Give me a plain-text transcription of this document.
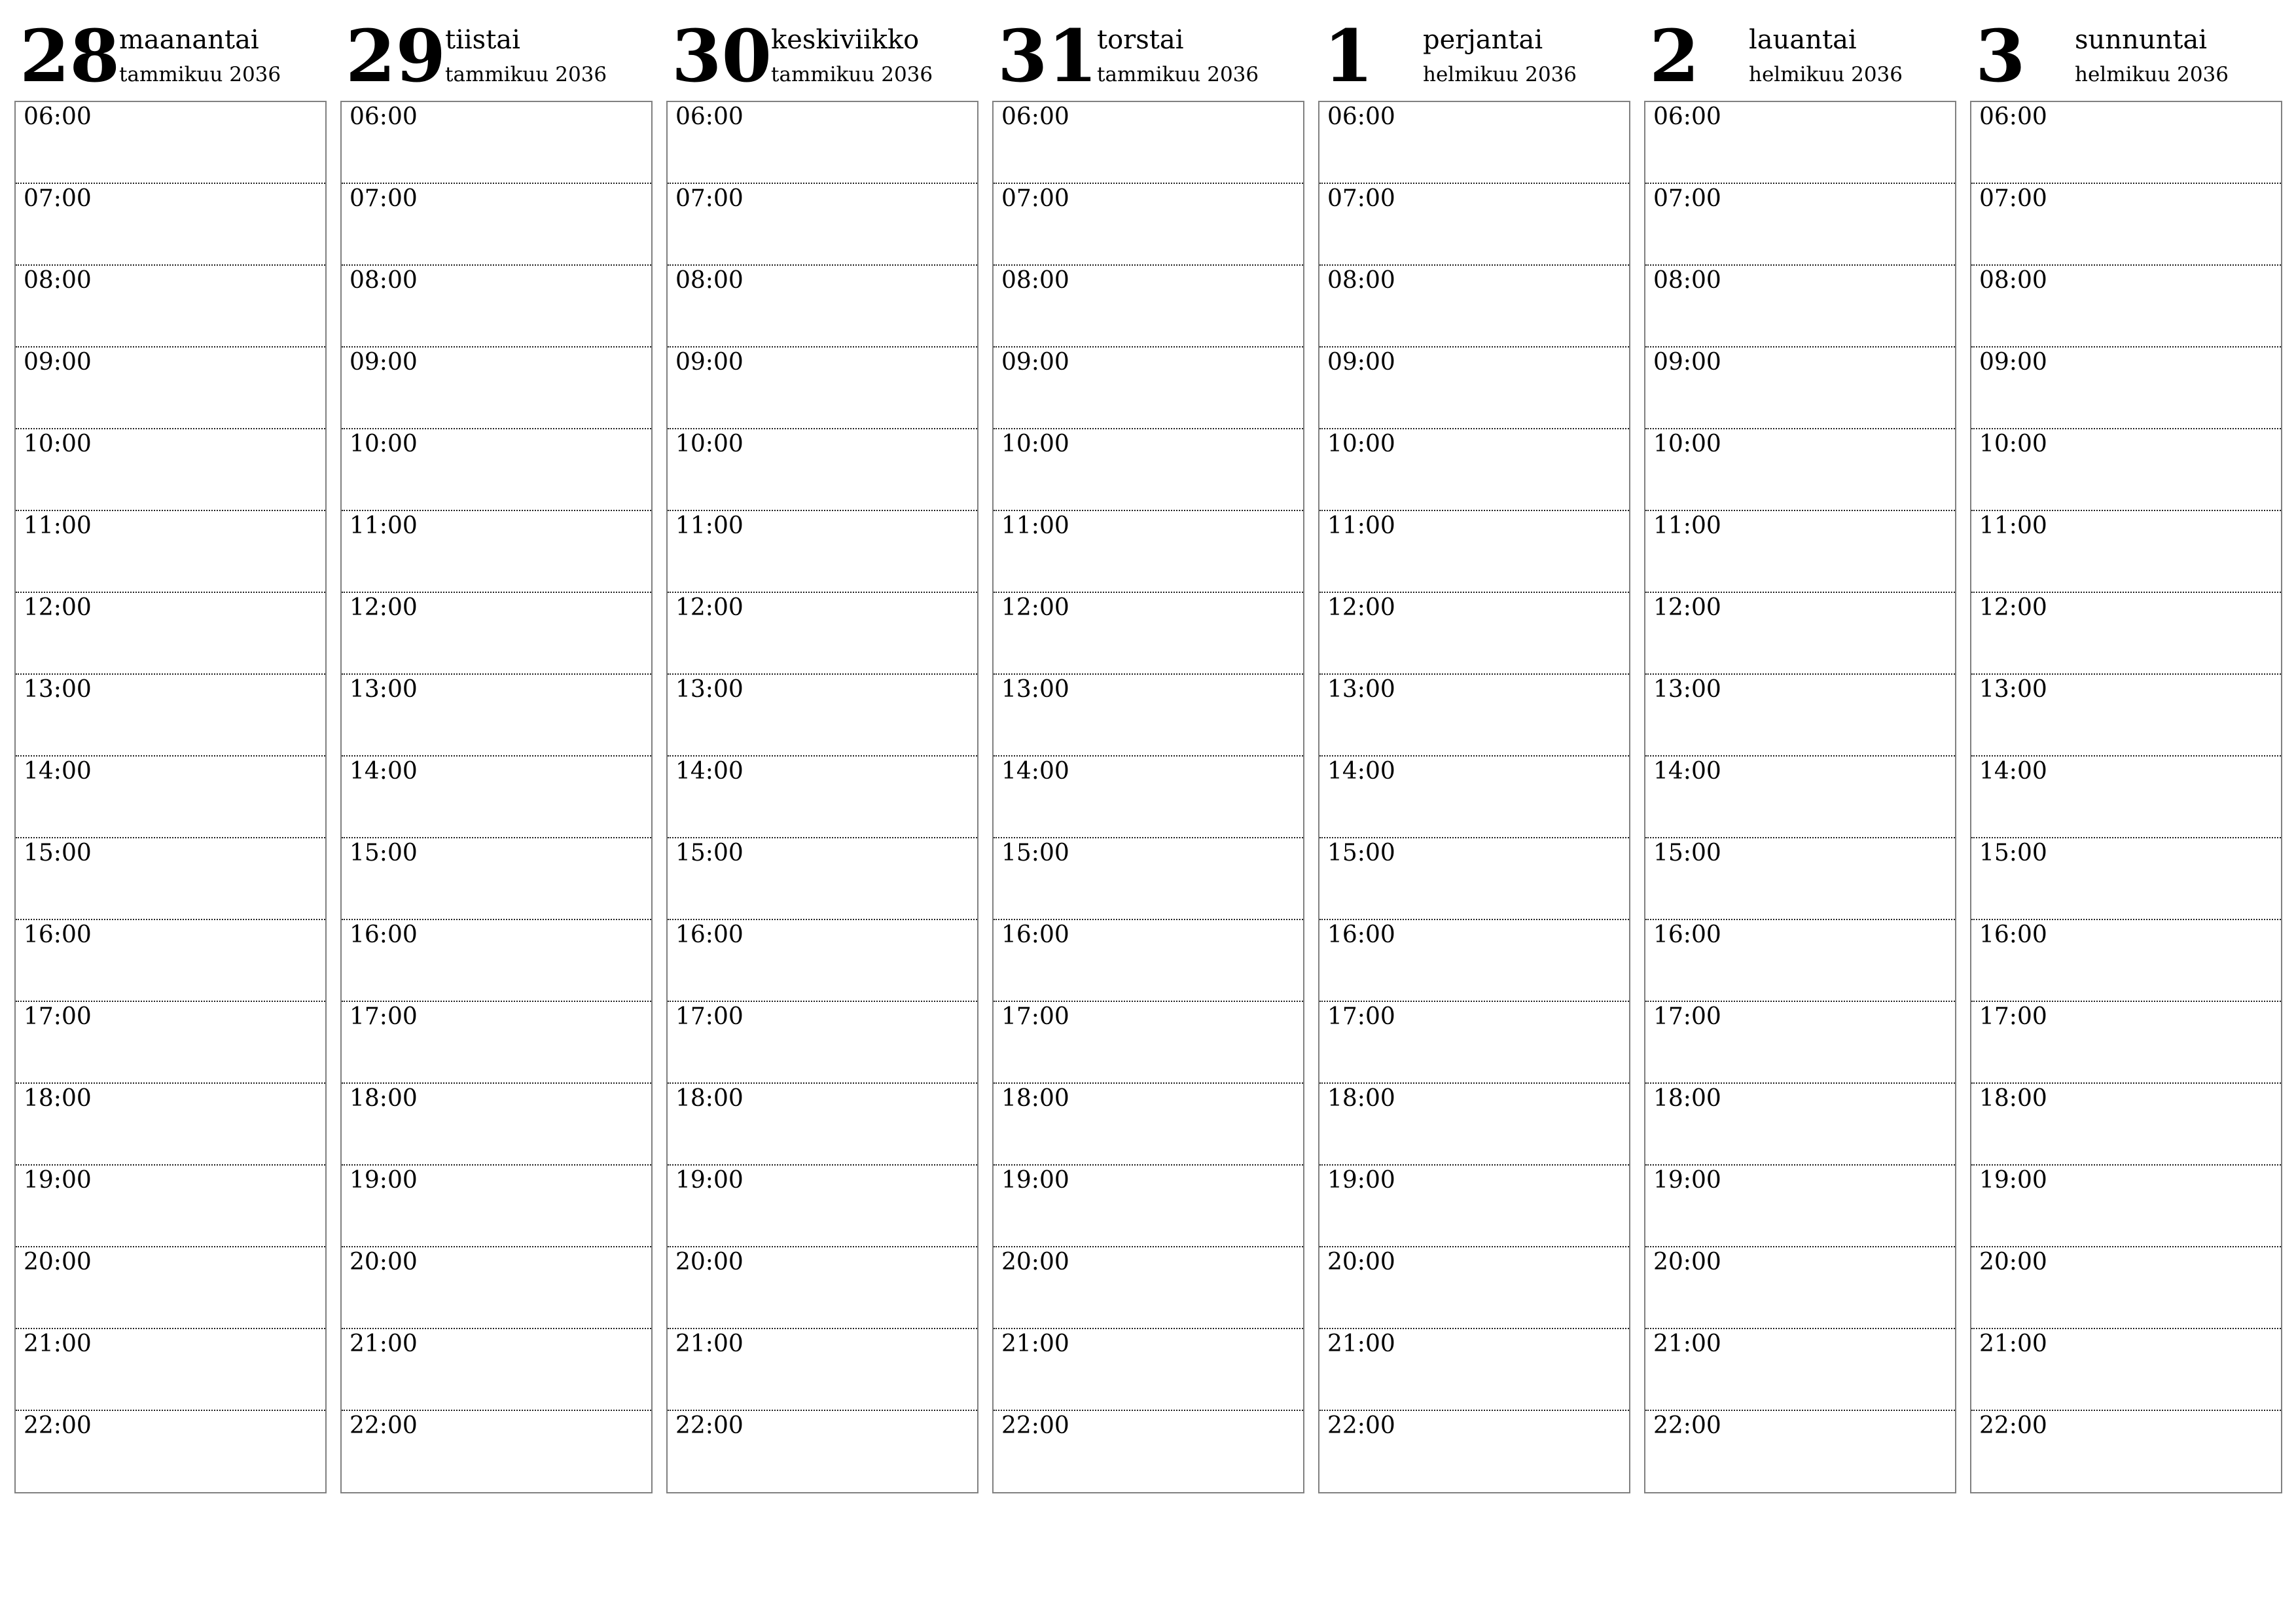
28
maanantai
tammikuu 2036
06:00
07:00
08:00
09:00
10:00
11:00
12:00
13:00
14:00
15:00
16:00
17:00
18:00
19:00
20:00
21:00
22:00
29
tiistai
tammikuu 2036
06:00
07:00
08:00
09:00
10:00
11:00
12:00
13:00
14:00
15:00
16:00
17:00
18:00
19:00
20:00
21:00
22:00
30
keskiviikko
tammikuu 2036
06:00
07:00
08:00
09:00
10:00
11:00
12:00
13:00
14:00
15:00
16:00
17:00
18:00
19:00
20:00
21:00
22:00
31
torstai
tammikuu 2036
06:00
07:00
08:00
09:00
10:00
11:00
12:00
13:00
14:00
15:00
16:00
17:00
18:00
19:00
20:00
21:00
22:00
1 perjantai
helmikuu 2036
06:00
07:00
08:00
09:00
10:00
11:00
12:00
13:00
14:00
15:00
16:00
17:00
18:00
19:00
20:00
21:00
22:00
2 lauantai
helmikuu 2036
06:00
07:00
08:00
09:00
10:00
11:00
12:00
13:00
14:00
15:00
16:00
17:00
18:00
19:00
20:00
21:00
22:00
3 sunnuntai
helmikuu 2036
06:00
07:00
08:00
09:00
10:00
11:00
12:00
13:00
14:00
15:00
16:00
17:00
18:00
19:00
20:00
21:00
22:00
